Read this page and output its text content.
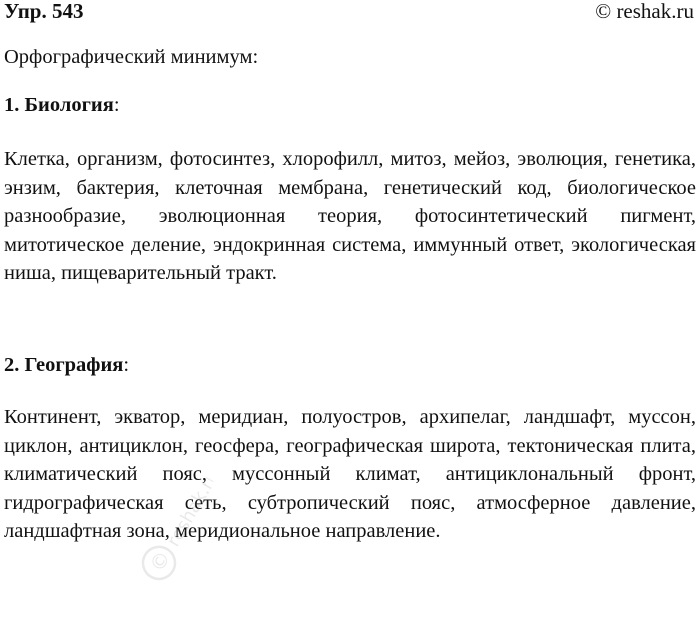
Упр. 543	© reshak.ru
Орфографический минимум:
1. Биология:
Клетка, организм, фотосинтез, хлорофилл, митоз, мейоз, эволюция, генетика, энзим, бактерия, клеточная мембрана, генетический код, биологическое разнообразие, эволюционная теория, фотосинтетический пигмент, митотическое деление, эндокринная система, иммунный ответ, экологическая ниша, пищеварительный тракт.
2. География:
Континент, экватор, меридиан, полуостров, архипелаг, ландшафт, муссон, циклон, антициклон, геосфера, географическая широта, тектоническая плита, климатический пояс, муссонный климат, антициклональный фронт, гидрографическая сеть, субтропический пояс, атмосферное давление, ландшафтная зона, меридиональное направление.
©
reshak.ru
